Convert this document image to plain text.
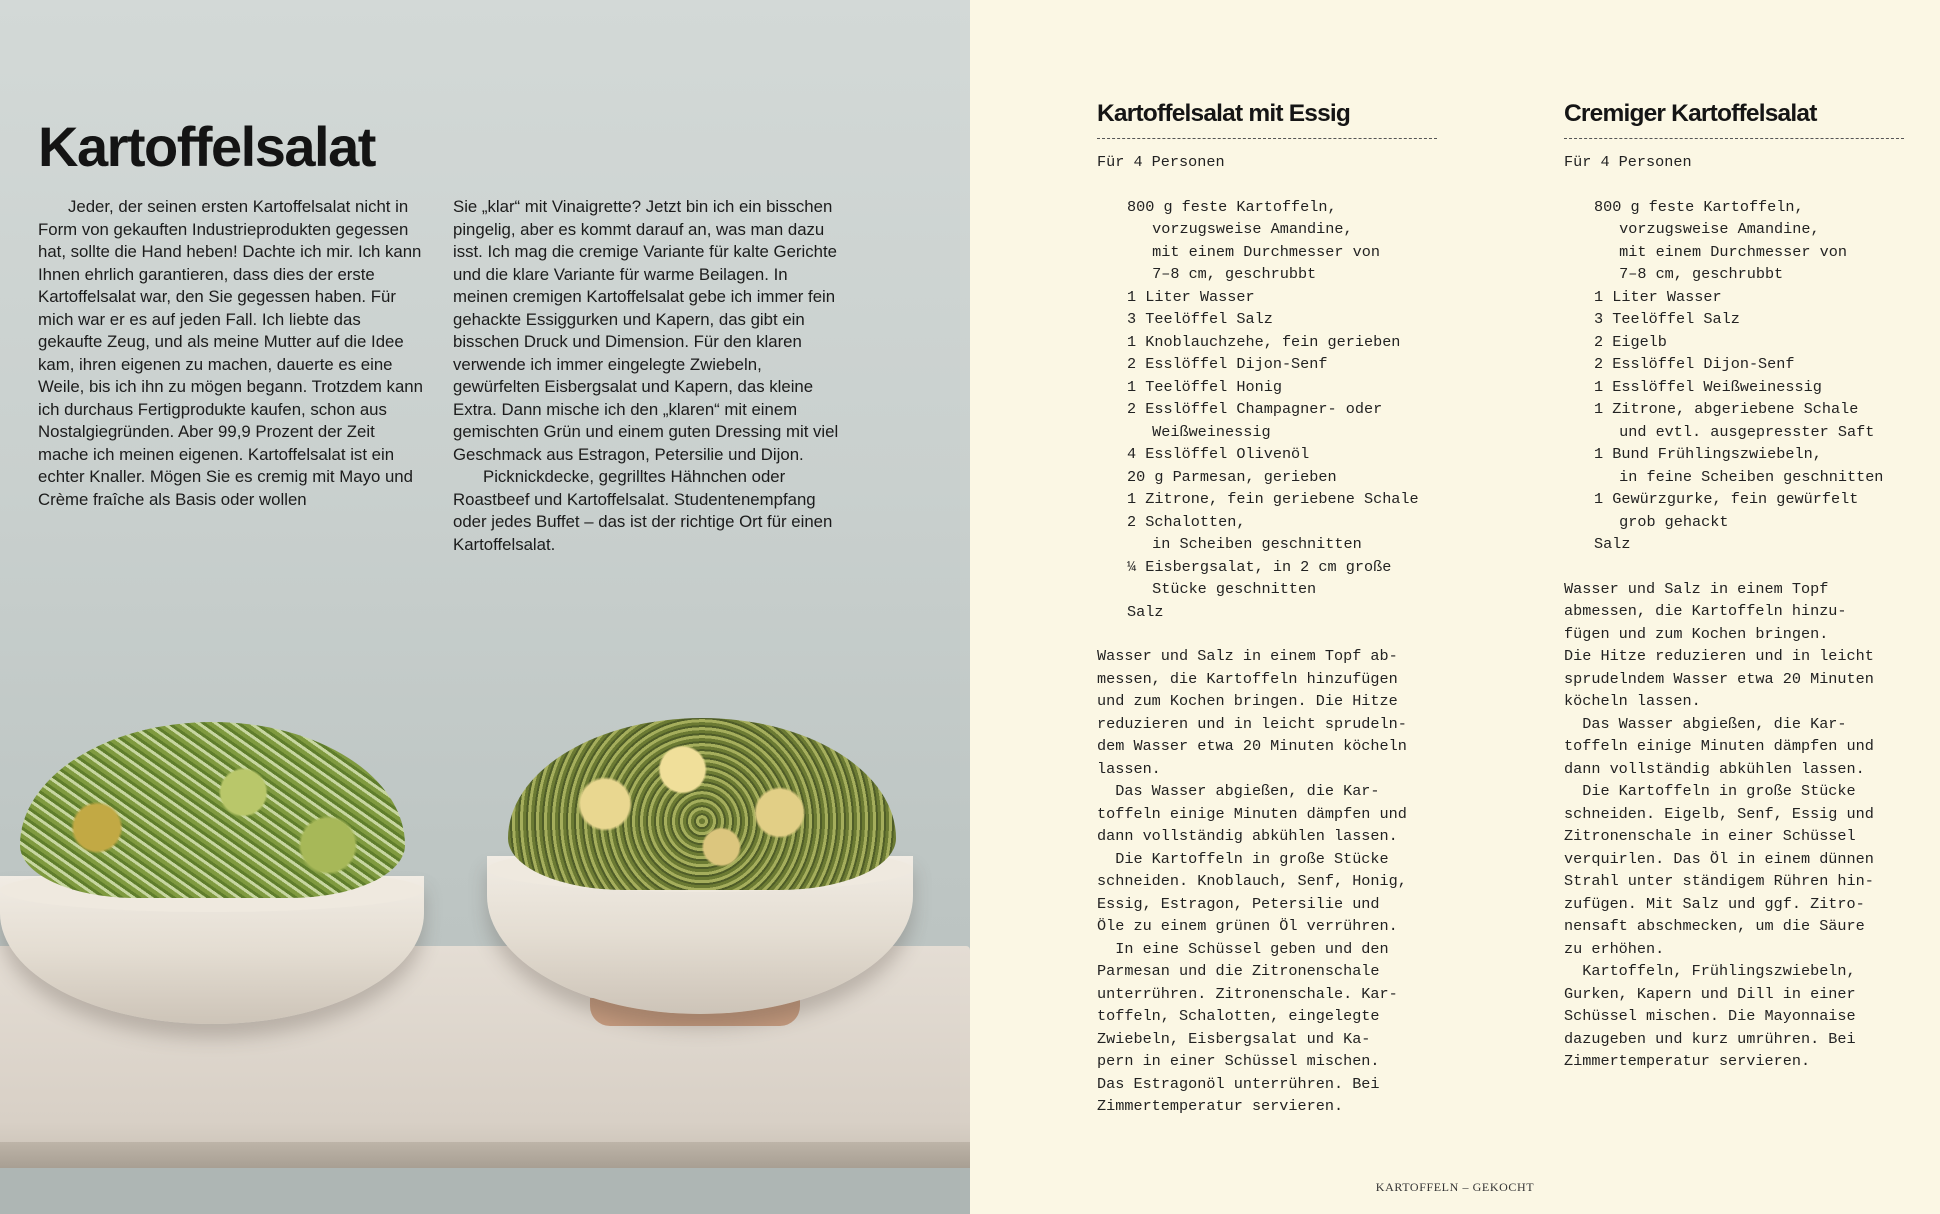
Kartoffelsalat

Jeder, der seinen ersten Kartoffelsalat nicht in Form von gekauften Industrieprodukten gegessen hat, sollte die Hand heben! Dachte ich mir. Ich kann Ihnen ehrlich garantieren, dass dies der erste Kartoffelsalat war, den Sie gegessen haben. Für mich war er es auf jeden Fall. Ich liebte das gekaufte Zeug, und als meine Mutter auf die Idee kam, ihren eigenen zu machen, dauerte es eine Weile, bis ich ihn zu mögen begann. Trotzdem kann ich durchaus Fertigprodukte kaufen, schon aus Nostalgiegründen. Aber 99,9 Prozent der Zeit mache ich meinen eigenen. Kartoffelsalat ist ein echter Knaller. Mögen Sie es cremig mit Mayo und Crème fraîche als Basis oder wollen

Sie „klar“ mit Vinaigrette? Jetzt bin ich ein bisschen pingelig, aber es kommt darauf an, was man dazu isst. Ich mag die cremige Variante für kalte Gerichte und die klare Variante für warme Beilagen. In meinen cremigen Kartoffelsalat gebe ich immer fein gehackte Essiggurken und Kapern, das gibt ein bisschen Druck und Dimension. Für den klaren verwende ich immer eingelegte Zwiebeln, gewürfelten Eisbergsalat und Kapern, das kleine Extra. Dann mische ich den „klaren“ mit einem gemischten Grün und einem guten Dressing mit viel Geschmack aus Estragon, Petersilie und Dijon.

Picknickdecke, gegrilltes Hähnchen oder Roastbeef und Kartoffelsalat. Studentenempfang oder jedes Buffet – das ist der richtige Ort für einen Kartoffelsalat.

Kartoffelsalat mit Essig
Für 4 Personen
800 g feste Kartoffeln,
vorzugsweise Amandine,
mit einem Durchmesser von
7–8 cm, geschrubbt
1 Liter Wasser
3 Teelöffel Salz
1 Knoblauchzehe, fein gerieben
2 Esslöffel Dijon-Senf
1 Teelöffel Honig
2 Esslöffel Champagner- oder
Weißweinessig
4 Esslöffel Olivenöl
20 g Parmesan, gerieben
1 Zitrone, fein geriebene Schale
2 Schalotten,
in Scheiben geschnitten
¼ Eisbergsalat, in 2 cm große
Stücke geschnitten
Salz
Wasser und Salz in einem Topf ab-
messen, die Kartoffeln hinzufügen
und zum Kochen bringen. Die Hitze
reduzieren und in leicht sprudeln-
dem Wasser etwa 20 Minuten köcheln
lassen.
Das Wasser abgießen, die Kar-
toffeln einige Minuten dämpfen und
dann vollständig abkühlen lassen.
Die Kartoffeln in große Stücke
schneiden. Knoblauch, Senf, Honig,
Essig, Estragon, Petersilie und
Öle zu einem grünen Öl verrühren.
In eine Schüssel geben und den
Parmesan und die Zitronenschale
unterrühren. Zitronenschale. Kar-
toffeln, Schalotten, eingelegte
Zwiebeln, Eisbergsalat und Ka-
pern in einer Schüssel mischen.
Das Estragonöl unterrühren. Bei
Zimmertemperatur servieren.
Cremiger Kartoffelsalat
Für 4 Personen
800 g feste Kartoffeln,
vorzugsweise Amandine,
mit einem Durchmesser von
7–8 cm, geschrubbt
1 Liter Wasser
3 Teelöffel Salz
2 Eigelb
2 Esslöffel Dijon-Senf
1 Esslöffel Weißweinessig
1 Zitrone, abgeriebene Schale
und evtl. ausgepresster Saft
1 Bund Frühlingszwiebeln,
in feine Scheiben geschnitten
1 Gewürzgurke, fein gewürfelt
grob gehackt
Salz
Wasser und Salz in einem Topf
abmessen, die Kartoffeln hinzu-
fügen und zum Kochen bringen.
Die Hitze reduzieren und in leicht
sprudelndem Wasser etwa 20 Minuten
köcheln lassen.
Das Wasser abgießen, die Kar-
toffeln einige Minuten dämpfen und
dann vollständig abkühlen lassen.
Die Kartoffeln in große Stücke
schneiden. Eigelb, Senf, Essig und
Zitronenschale in einer Schüssel
verquirlen. Das Öl in einem dünnen
Strahl unter ständigem Rühren hin-
zufügen. Mit Salz und ggf. Zitro-
nensaft abschmecken, um die Säure
zu erhöhen.
Kartoffeln, Frühlingszwiebeln,
Gurken, Kapern und Dill in einer
Schüssel mischen. Die Mayonnaise
dazugeben und kurz umrühren. Bei
Zimmertemperatur servieren.
KARTOFFELN – GEKOCHT
